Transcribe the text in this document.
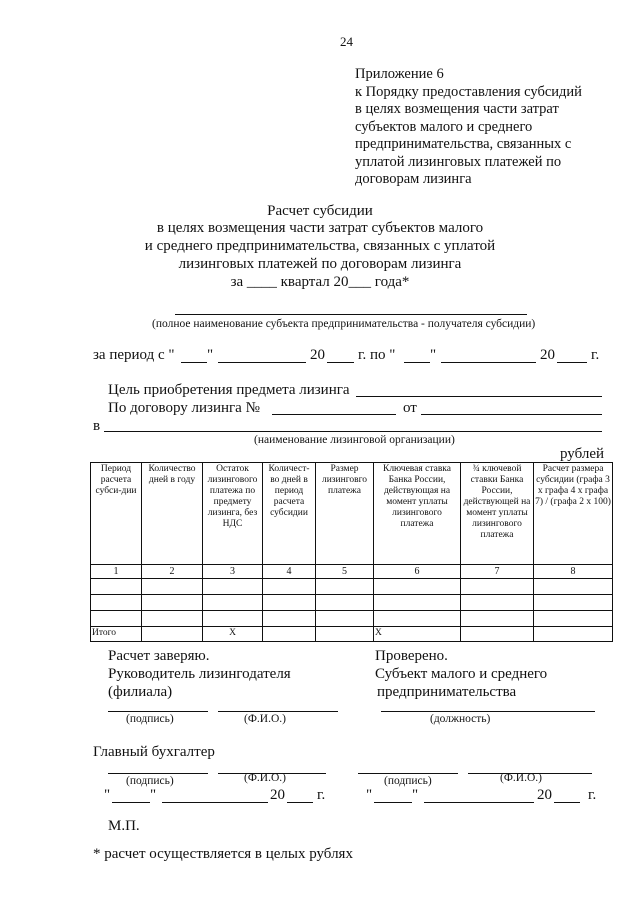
24
Приложение 6
к Порядку предоставления субсидий
в целях возмещения части затрат
субъектов малого и среднего
предпринимательства, связанных с
уплатой лизинговых платежей по
договорам лизинга
Расчет субсидии
в целях возмещения части затрат субъектов малого
и среднего предпринимательства, связанных с уплатой
лизинговых платежей по договорам лизинга
за ____ квартал 20___ года*
(полное наименование субъекта предпринимательства - получателя субсидии)
за период с " "	20 г. по " "	20 г.
Цель приобретения предмета лизинга
По договору лизинга №	от
в
(наименование лизинговой организации)
рублей
Период расчета субси-дии	Количество дней в году	Остаток лизингового платежа по предмету лизинга, без НДС	Количест-во дней в период расчета субсидии	Размер лизинговго платежа	Ключевая ставка Банка России, действующая на момент уплаты лизингового платежа	¾ ключевой ставки Банка России, действующей на момент уплаты лизингового платежа	Расчет размера субсидии (графа 3 х графа 4 х графа 7) / (графа 2 х 100)
1	2	3	4	5	6	7	8

Итого		Х			Х		
Расчет заверяю.
Руководитель лизингодателя
(филиала)
(подпись)	(Ф.И.О.)
Проверено.
Субъект малого и среднего
предпринимательства
(должность)
Главный бухгалтер
(подпись)	(Ф.И.О.)	(подпись)	(Ф.И.О.)
"	"	20 г.	"	"	20 г.
М.П.
* расчет осуществляется в целых рублях
